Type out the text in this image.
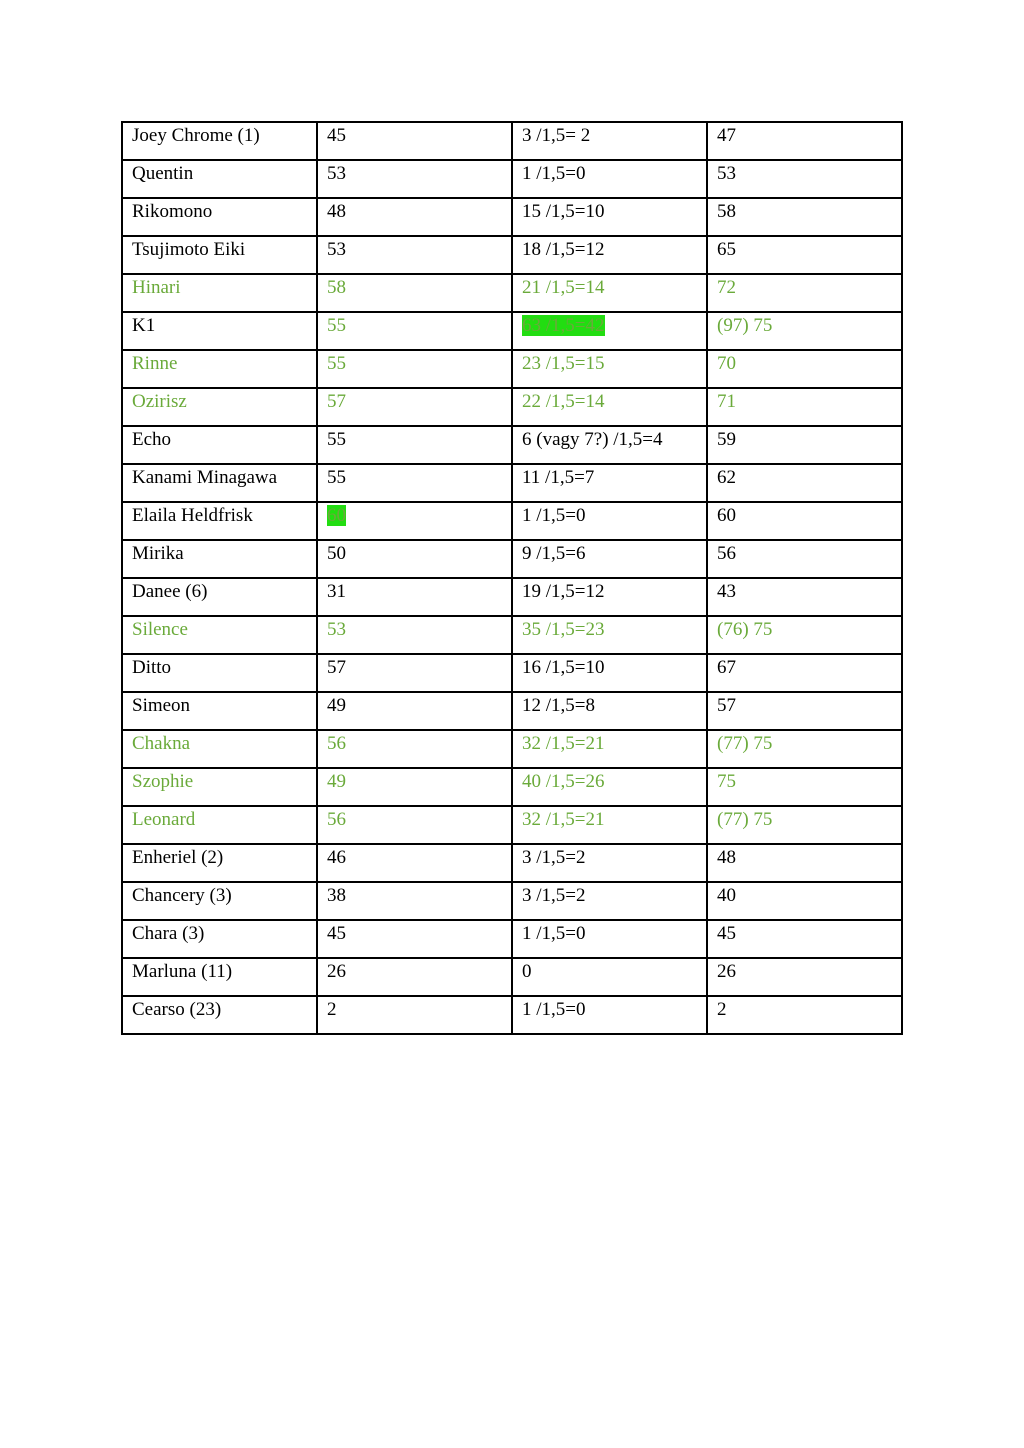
Joey Chrome (1)	45	3 /1,5= 2	47
Quentin	53	1 /1,5=0	53
Rikomono	48	15 /1,5=10	58
Tsujimoto Eiki	53	18 /1,5=12	65
Hinari	58	21 /1,5=14	72
K1	55	63 /1,5=42	(97) 75
Rinne	55	23 /1,5=15	70
Ozirisz	57	22 /1,5=14	71
Echo	55	6 (vagy 7?) /1,5=4	59
Kanami Minagawa	55	11 /1,5=7	62
Elaila Heldfrisk	60	1 /1,5=0	60
Mirika	50	9 /1,5=6	56
Danee (6)	31	19 /1,5=12	43
Silence	53	35 /1,5=23	(76) 75
Ditto	57	16 /1,5=10	67
Simeon	49	12 /1,5=8	57
Chakna	56	32 /1,5=21	(77) 75
Szophie	49	40 /1,5=26	75
Leonard	56	32 /1,5=21	(77) 75
Enheriel (2)	46	3 /1,5=2	48
Chancery (3)	38	3 /1,5=2	40
Chara (3)	45	1 /1,5=0	45
Marluna (11)	26	0	26
Cearso (23)	2	1 /1,5=0	2
